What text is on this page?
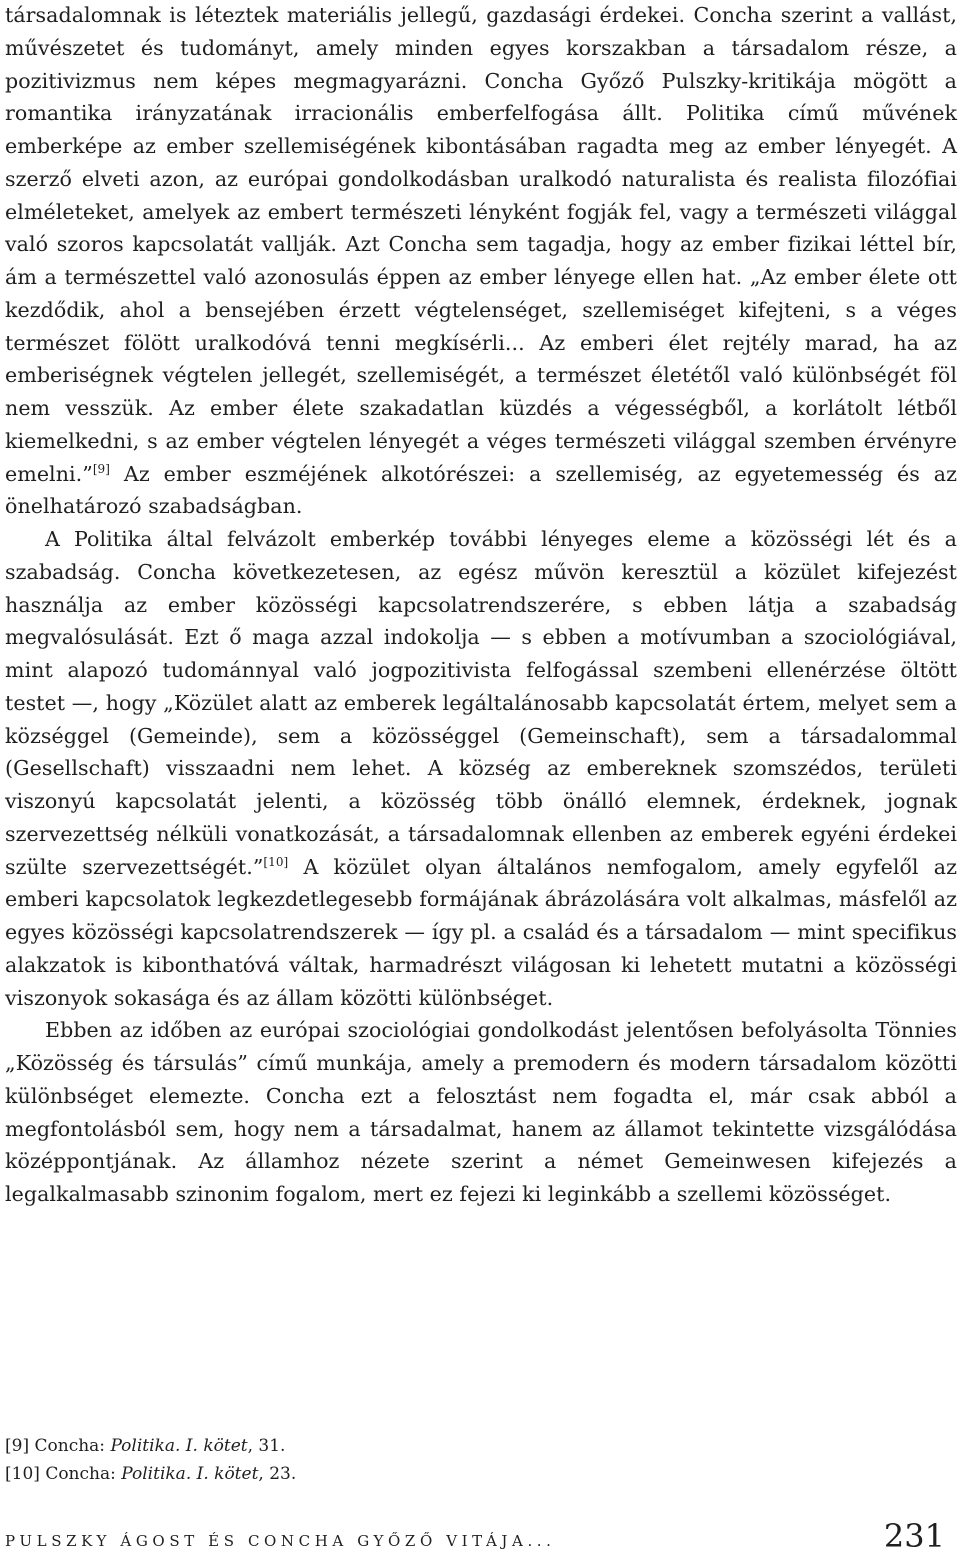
társadalomnak is léteztek materiális jellegű, gazdasági érdekei. Concha szerint a vallást, művészetet és tudományt, amely minden egyes korszakban a társadalom része, a pozitivizmus nem képes megmagyarázni. Concha Győző Pulszky-kritikája mögött a romantika irányzatának irracionális emberfelfogása állt. Politika című művének emberképe az ember szellemiségének kibontásában ragadta meg az ember lényegét. A szerző elveti azon, az európai gondolkodásban uralkodó naturalista és realista filozófiai elméleteket, amelyek az embert természeti lényként fogják fel, vagy a természeti világgal való szoros kapcsolatát vallják. Azt Concha sem tagadja, hogy az ember fizikai léttel bír, ám a természettel való azonosulás éppen az ember lényege ellen hat. „Az ember élete ott kezdődik, ahol a bensejében érzett végtelenséget, szellemiséget kifejteni, s a véges természet fölött uralkodóvá tenni megkísérli... Az emberi élet rejtély marad, ha az emberiségnek végtelen jellegét, szellemiségét, a természet életétől való különbségét föl nem vesszük. Az ember élete szakadatlan küzdés a végességből, a korlátolt létből kiemelkedni, s az ember végtelen lényegét a véges természeti világgal szemben érvényre emelni.”[9] Az ember eszméjének alkotórészei: a szellemiség, az egyetemesség és az önelhatározó szabadságban.

A Politika által felvázolt emberkép további lényeges eleme a közösségi lét és a szabadság. Concha következetesen, az egész művön keresztül a közület kifejezést használja az ember közösségi kapcsolatrendszerére, s ebben látja a szabadság megvalósulását. Ezt ő maga azzal indokolja — s ebben a motívumban a szociológiával, mint alapozó tudománnyal való jogpozitivista felfogással szembeni ellenérzése öltött testet —, hogy „Közület alatt az emberek legáltalánosabb kapcsolatát értem, melyet sem a községgel (Gemeinde), sem a közösséggel (Gemeinschaft), sem a társadalommal (Gesellschaft) visszaadni nem lehet. A község az embereknek szomszédos, területi viszonyú kapcsolatát jelenti, a közösség több önálló elemnek, érdeknek, jognak szervezettség nélküli vonatkozását, a társadalomnak ellenben az emberek egyéni érdekei szülte szervezettségét.”[10] A közület olyan általános nemfogalom, amely egyfelől az emberi kapcsolatok legkezdetlegesebb formájának ábrázolására volt alkalmas, másfelől az egyes közösségi kapcsolatrendszerek — így pl. a család és a társadalom — mint specifikus alakzatok is kibonthatóvá váltak, harmadrészt világosan ki lehetett mutatni a közösségi viszonyok sokasága és az állam közötti különbséget.

Ebben az időben az európai szociológiai gondolkodást jelentősen befolyásolta Tönnies „Közösség és társulás” című munkája, amely a premodern és modern társadalom közötti különbséget elemezte. Concha ezt a felosztást nem fogadta el, már csak abból a megfontolásból sem, hogy nem a társadalmat, hanem az államot tekintette vizsgálódása középpontjának. Az államhoz nézete szerint a német Gemeinwesen kifejezés a legalkalmasabb szinonim fogalom, mert ez fejezi ki leginkább a szellemi közösséget.

[9] Concha: Politika. I. kötet, 31.
[10] Concha: Politika. I. kötet, 23.
PULSZKY ÁGOST ÉS CONCHA GYŐZŐ VITÁJA...	231
